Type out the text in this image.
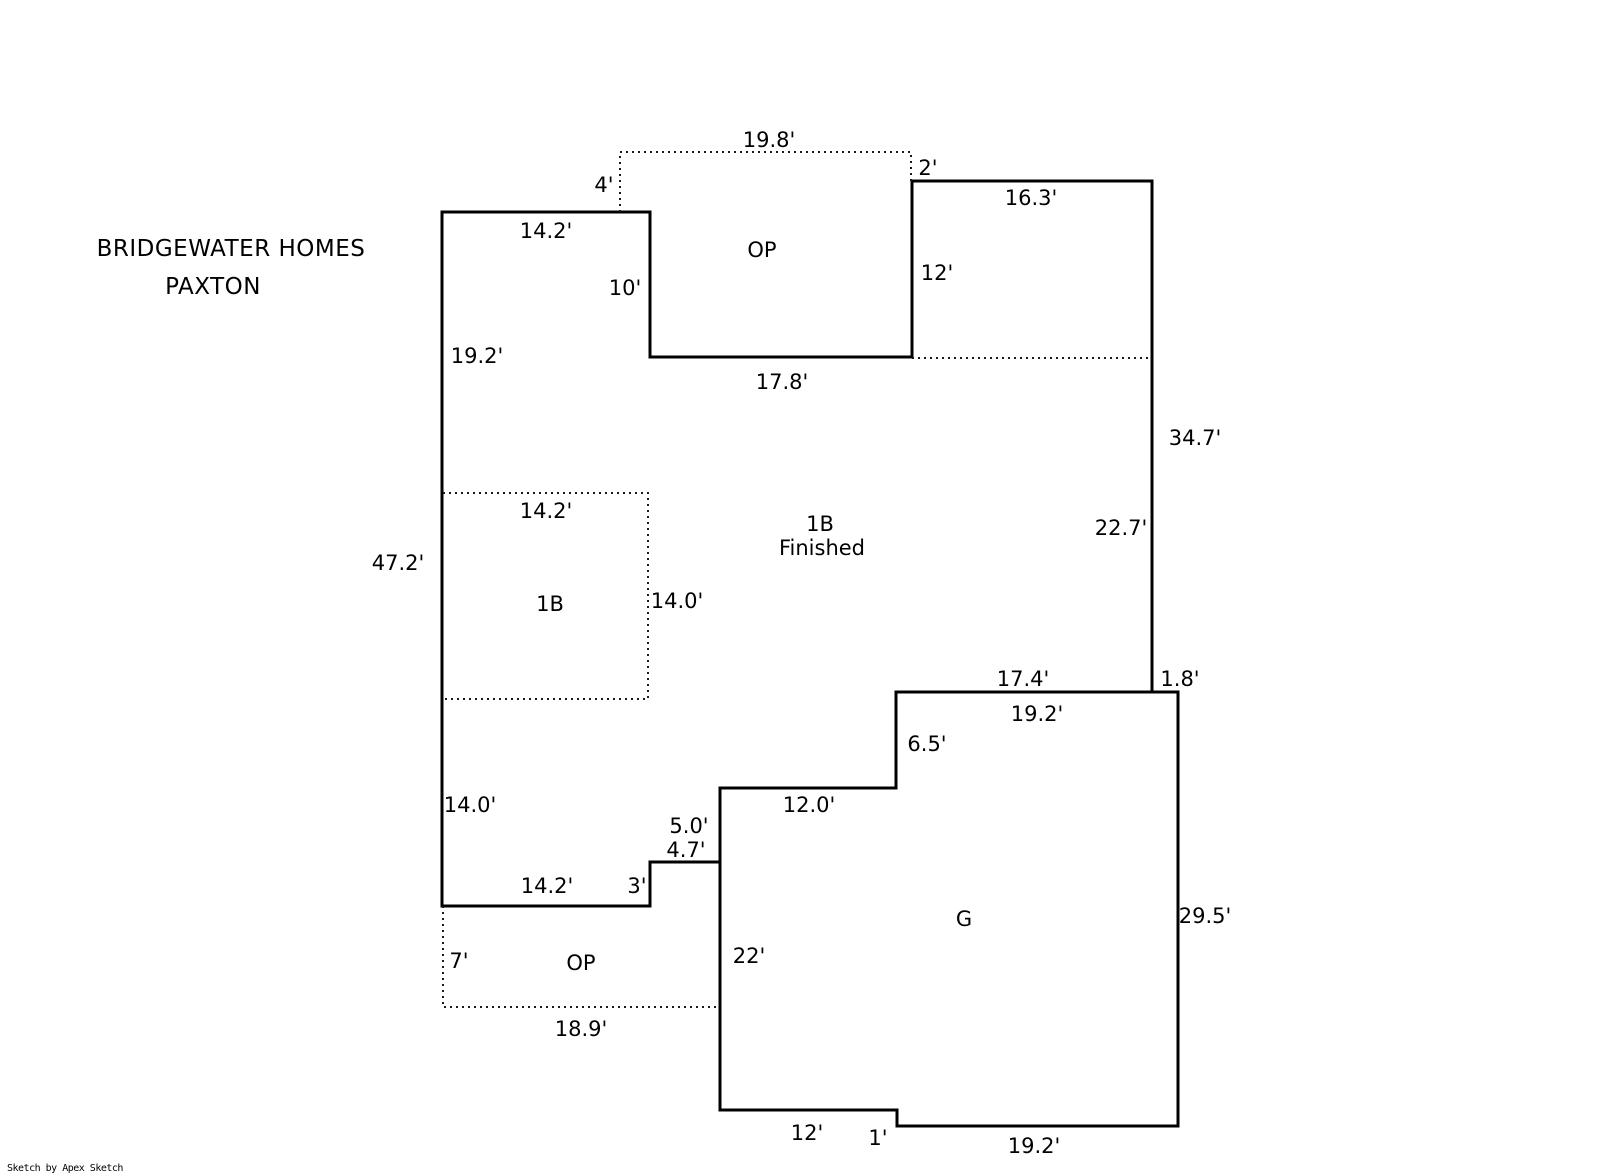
BRIDGEWATER HOMES
PAXTON
19.8'
4'
2'
16.3'
14.2'
10'
12'
19.2'
17.8'
34.7'
14.2'
22.7'
47.2'
14.0'
17.4'	1.8'
19.2'
6.5'
14.0'	12.0'
5.0'
4.7'
14.2'	3'
29.5'
22'
7'
18.9'
12' 1'	19.2'
OP
1B
Finished
1B
G
OP
Sketch by Apex Sketch
